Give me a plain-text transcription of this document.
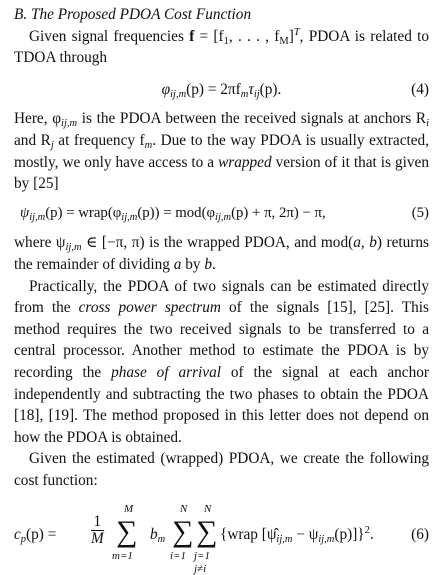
B. The Proposed PDOA Cost Function

Given signal frequencies $f = [f_1$, . . . , $f_M]^T$, PDOA is related to TDOA through

$\varphi_{ij,m}(p) = 2\pi f_m\tau_{ij}(p)$.	(4)

Here, $\varphi_{ij,m}$ is the PDOA between the received signals at anchors $R_i$ and $R_j$ at frequency $f_m$. Due to the way PDOA is usually extracted, mostly, we only have access to a wrapped version of it that is given by [25]

$\psi_{ij,m}(p)$ = $wrap(\varphi_{ij,m}(p)) = mod(\varphi_{ij,m}(p) + \pi$, 2π) − π,	(5)

where $\psi_{ij,m}$ ∈ [−π, π) is the wrapped PDOA, and mod(a, b) returns the remainder of dividing a by b.

Practically, the PDOA of two signals can be estimated directly from the cross power spectrum of the signals [15], [25]. This method requires the two received signals to be transferred to a central processor. Another method to estimate the PDOA is by recording the phase of arrival of the signal at each anchor independently and subtracting the two phases to obtain the PDOA [18], [19]. The method proposed in this letter does not depend on how the PDOA is obtained.

Given the estimated (wrapped) PDOA, we create the following cost function:

$c_p(p) = \frac{1}{M}$
M
∑
m=1
$b_m$
N
∑
i=1
N
∑
j=1
j≠i
{wrap $[\psî_{ij,m} - \psi_{ij,m}(p)]\}^2$. (6)
